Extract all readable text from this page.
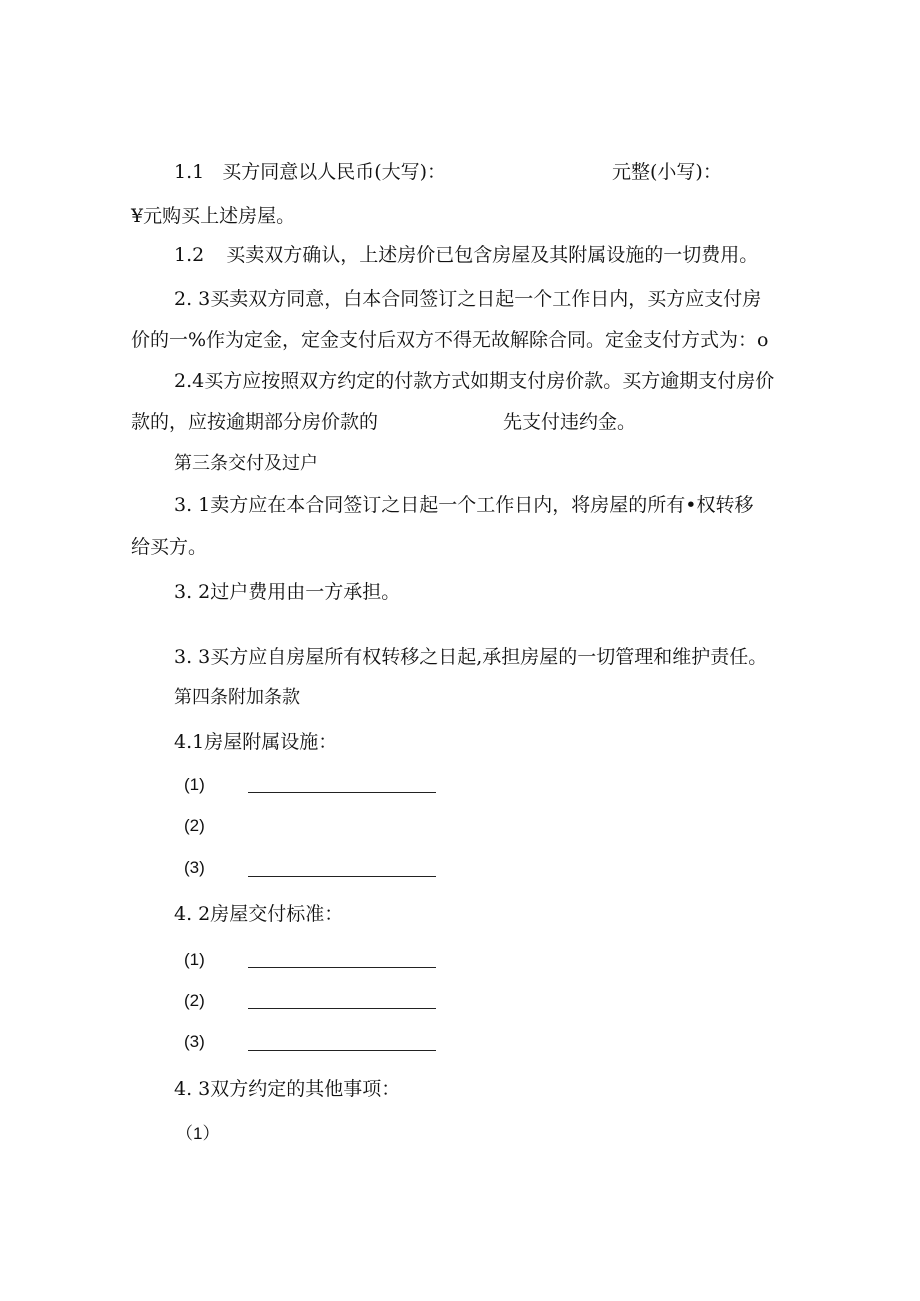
1.1 买方同意以人民币(大写)：	元整(小写)：

¥元购买上述房屋。

1.2 买卖双方确认，上述房价已包含房屋及其附属设施的一切费用。

2. 3买卖双方同意，白本合同签订之日起一个工作日内，买方应支付房

价的一%作为定金，定金支付后双方不得无故解除合同。定金支付方式为：o

2.4买方应按照双方约定的付款方式如期支付房价款。买方逾期支付房价

款的，应按逾期部分房价款的	先支付违约金。

第三条交付及过户

3. 1卖方应在本合同签订之日起一个工作日内，将房屋的所有•权转移

给买方。

3. 2过户费用由一方承担。

3. 3买方应自房屋所有权转移之日起,承担房屋的一切管理和维护责任。

第四条附加条款

4.1房屋附属设施：

(1)
(2)
(3)

4. 2房屋交付标准：

(1)
(2)
(3)

4. 3双方约定的其他事项：

（1）
